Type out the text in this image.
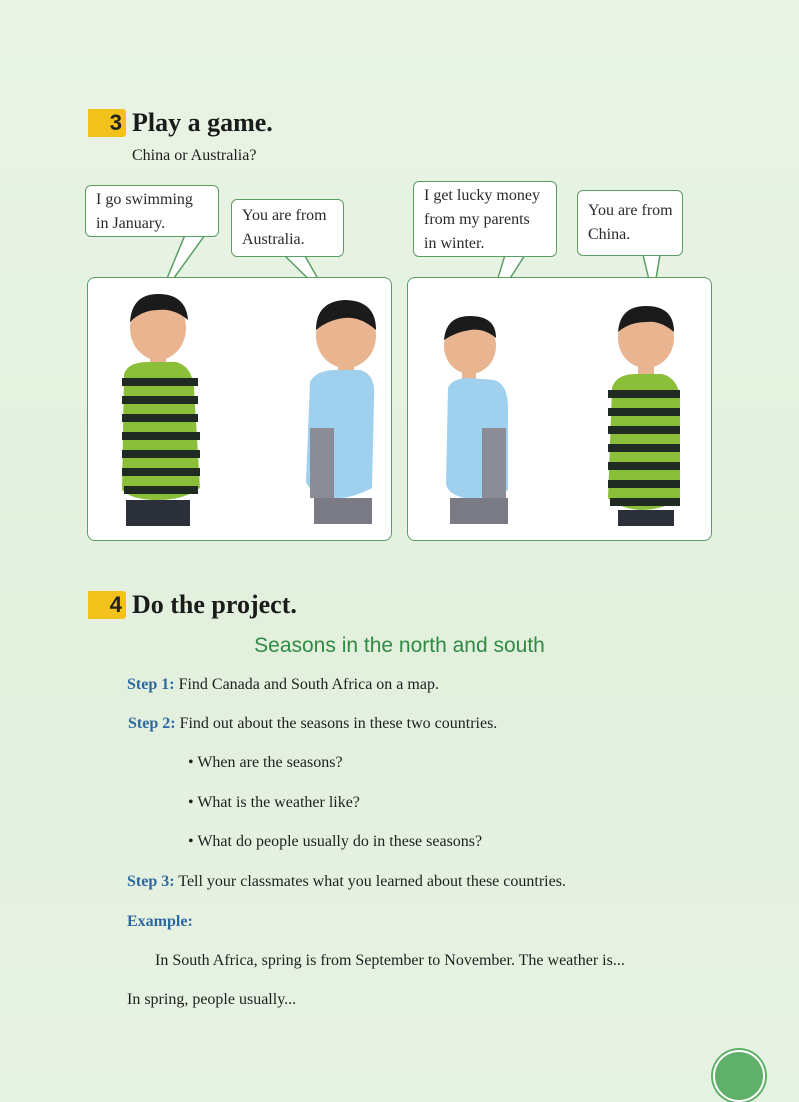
3 Play a game.
China or Australia?
I go swimming
in January.	You are from
Australia.
I get lucky money
from my parents
in winter.
You are from
China.
4 Do the project.
Seasons in the north and south
Step 1: Find Canada and South Africa on a map.
Step 2: Find out about the seasons in these two countries.
• When are the seasons?
• What is the weather like?
• What do people usually do in these seasons?
Step 3: Tell your classmates what you learned about these countries.
Example:
In South Africa, spring is from September to November. The weather is...
In spring, people usually...
